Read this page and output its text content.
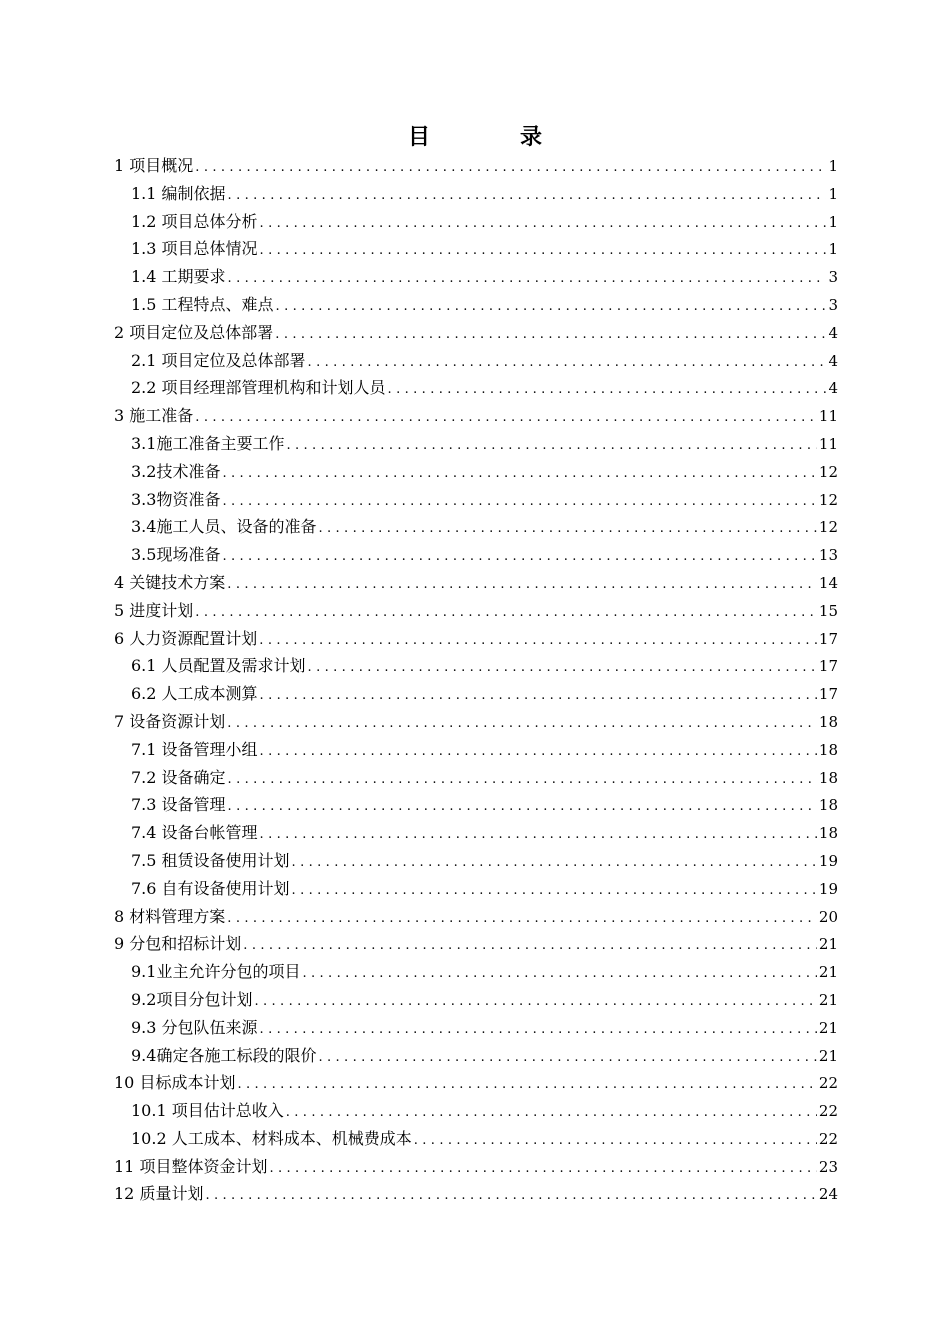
目　录
1 项目概况 .....	1
1.1 编制依据 .....	1
1.2 项目总体分析 .....	1
1.3 项目总体情况 .....	1
1.4 工期要求 .....	3
1.5 工程特点、难点 .....	3
2 项目定位及总体部署 .....	4
2.1 项目定位及总体部署 .....	4
2.2 项目经理部管理机构和计划人员 .....	4
3 施工准备 .....	11
3.1施工准备主要工作 .....	11
3.2技术准备 .....	12
3.3物资准备 .....	12
3.4施工人员、设备的准备 .....	12
3.5现场准备 .....	13
4 关键技术方案 .....	14
5 进度计划 .....	15
6 人力资源配置计划 .....	17
6.1 人员配置及需求计划 .....	17
6.2 人工成本测算 .....	17
7 设备资源计划 .....	18
7.1 设备管理小组 .....	18
7.2 设备确定 .....	18
7.3 设备管理 .....	18
7.4 设备台帐管理 .....	18
7.5 租赁设备使用计划 .....	19
7.6 自有设备使用计划 .....	19
8 材料管理方案 .....	20
9 分包和招标计划 .....	21
9.1业主允许分包的项目 .....	21
9.2项目分包计划 .....	21
9.3 分包队伍来源 .....	21
9.4确定各施工标段的限价 .....	21
10 目标成本计划 .....	22
10.1 项目估计总收入 .....	22
10.2 人工成本、材料成本、机械费成本 .....	22
11 项目整体资金计划 .....	23
12 质量计划 .....	24
